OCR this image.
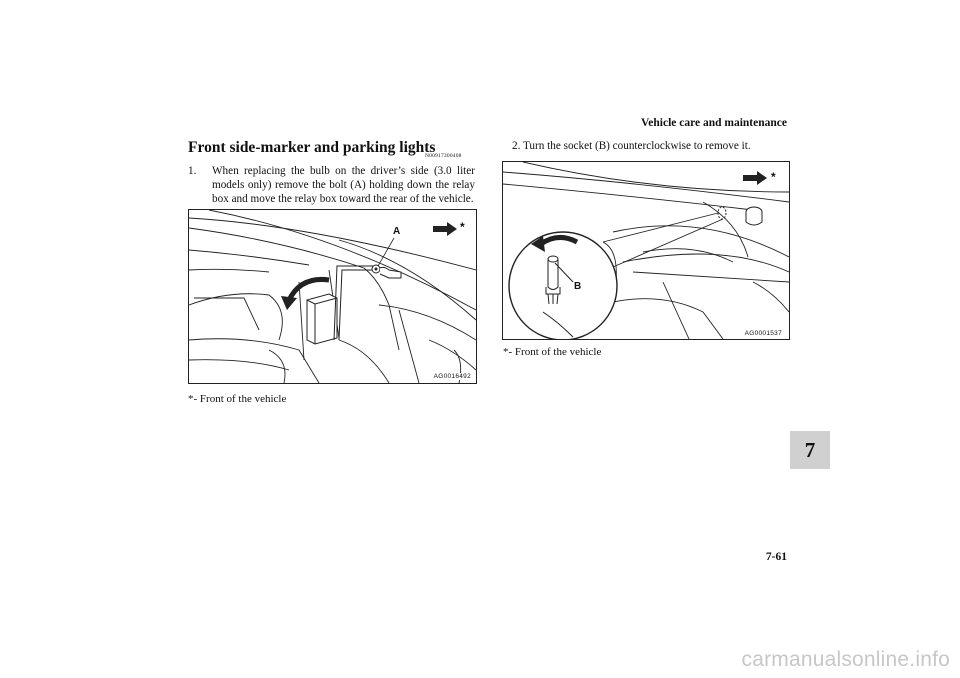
Vehicle care and maintenance
Front side-marker and parking lights
N00917300408
1.	When replacing the bulb on the driver’s side (3.0 liter models only) remove the bolt (A) holding down the relay box and move the relay box toward the rear of the vehicle.
2. Turn the socket (B) counterclockwise to remove it.
A	*
AG0016492
B
*
AG0001537
*- Front of the vehicle
*- Front of the vehicle
7
7-61
carmanualsonline.info
